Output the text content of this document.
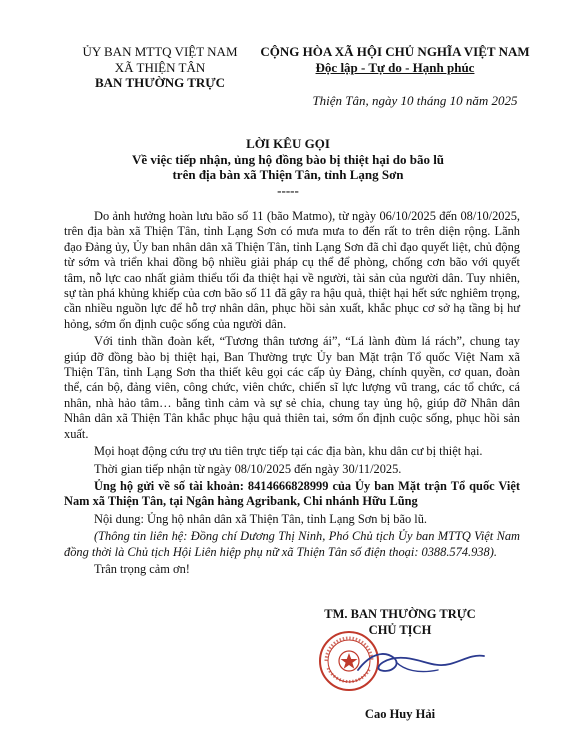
ỦY BAN MTTQ VIỆT NAM
XÃ THIỆN TÂN
BAN THƯỜNG TRỰC
CỘNG HÒA XÃ HỘI CHỦ NGHĨA VIỆT NAM
Độc lập - Tự do - Hạnh phúc
Thiện Tân, ngày 10 tháng 10 năm 2025
LỜI KÊU GỌI
Về việc tiếp nhận, ủng hộ đồng bào bị thiệt hại do bão lũ
trên địa bàn xã Thiện Tân, tỉnh Lạng Sơn
-----

Do ảnh hưởng hoàn lưu bão số 11 (bão Matmo), từ ngày 06/10/2025 đến 08/10/2025, trên địa bàn xã Thiện Tân, tỉnh Lạng Sơn có mưa mưa to đến rất to trên diện rộng. Lãnh đạo Đảng ủy, Ủy ban nhân dân xã Thiện Tân, tỉnh Lạng Sơn đã chỉ đạo quyết liệt, chủ động từ sớm và triển khai đồng bộ nhiều giải pháp cụ thể để phòng, chống cơn bão với quyết tâm, nỗ lực cao nhất giảm thiểu tối đa thiệt hại về người, tài sản của người dân. Tuy nhiên, sự tàn phá khủng khiếp của cơn bão số 11 đã gây ra hậu quả, thiệt hại hết sức nghiêm trọng, cần nhiều nguồn lực để hỗ trợ nhân dân, phục hồi sản xuất, khắc phục cơ sở hạ tầng bị hư hỏng, sớm ổn định cuộc sống của người dân.

Với tinh thần đoàn kết, “Tương thân tương ái”, “Lá lành đùm lá rách”, chung tay giúp đỡ đồng bào bị thiệt hại, Ban Thường trực Ủy ban Mặt trận Tổ quốc Việt Nam xã Thiện Tân, tỉnh Lạng Sơn tha thiết kêu gọi các cấp ủy Đảng, chính quyền, cơ quan, đoàn thể, cán bộ, đảng viên, công chức, viên chức, chiến sĩ lực lượng vũ trang, các tổ chức, cá nhân, nhà hảo tâm… bằng tình cảm và sự sẻ chia, chung tay ủng hộ, giúp đỡ Nhân dân Nhân dân xã Thiện Tân khắc phục hậu quả thiên tai, sớm ổn định cuộc sống, phục hồi sản xuất.

Mọi hoạt động cứu trợ ưu tiên trực tiếp tại các địa bàn, khu dân cư bị thiệt hại.

Thời gian tiếp nhận từ ngày 08/10/2025 đến ngày 30/11/2025.

Ủng hộ gửi về số tài khoản: 8414666828999 của Ủy ban Mặt trận Tổ quốc Việt Nam xã Thiện Tân, tại Ngân hàng Agribank, Chi nhánh Hữu Lũng

Nội dung: Ủng hộ nhân dân xã Thiện Tân, tỉnh Lạng Sơn bị bão lũ.

(Thông tin liên hệ: Đồng chí Dương Thị Ninh, Phó Chủ tịch Ủy ban MTTQ Việt Nam đồng thời là Chủ tịch Hội Liên hiệp phụ nữ xã Thiện Tân số điện thoại: 0388.574.938).

Trân trọng cảm ơn!

TM. BAN THƯỜNG TRỰC
CHỦ TỊCH
Cao Huy Hải
